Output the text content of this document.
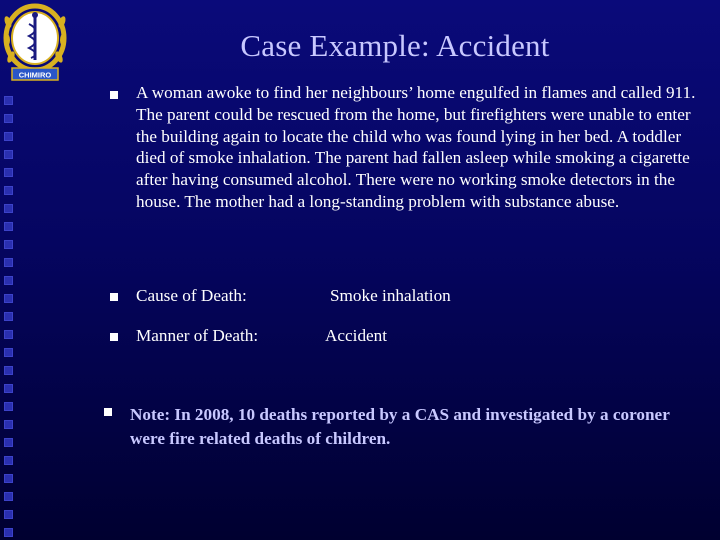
CHIMIRO
Case Example: Accident
A woman awoke to find her neighbours’ home engulfed in flames and called 911. The parent could be rescued from the home, but firefighters were unable to enter the building again to locate the child who was found lying in her bed. A toddler died of smoke inhalation. The parent had fallen asleep while smoking a cigarette after having consumed alcohol. There were no working smoke detectors in the house. The mother had a long-standing problem with substance abuse.
Cause of Death:	Smoke inhalation
Manner of Death:	Accident
Note: In 2008, 10 deaths reported by a CAS and investigated by a coroner were fire related deaths of children.
